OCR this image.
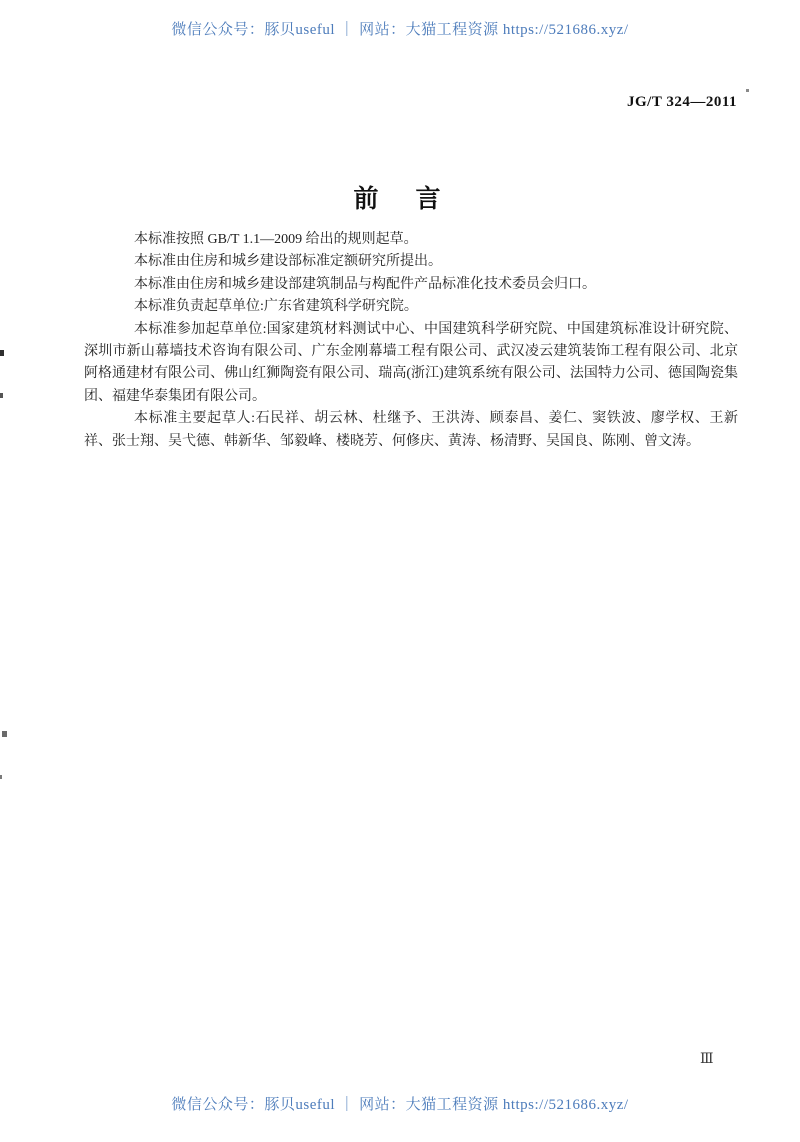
微信公众号：豚贝useful ｜ 网站：大猫工程资源 https://521686.xyz/
JG/T 324—2011
前　言

本标准按照 GB/T 1.1—2009 给出的规则起草。

本标准由住房和城乡建设部标准定额研究所提出。

本标准由住房和城乡建设部建筑制品与构配件产品标准化技术委员会归口。

本标准负责起草单位:广东省建筑科学研究院。

本标准参加起草单位:国家建筑材料测试中心、中国建筑科学研究院、中国建筑标准设计研究院、深圳市新山幕墙技术咨询有限公司、广东金刚幕墙工程有限公司、武汉凌云建筑装饰工程有限公司、北京阿格通建材有限公司、佛山红狮陶瓷有限公司、瑞高(浙江)建筑系统有限公司、法国特力公司、德国陶瓷集团、福建华泰集团有限公司。

本标准主要起草人:石民祥、胡云林、杜继予、王洪涛、顾泰昌、姜仁、窦铁波、廖学权、王新祥、张士翔、吴弋德、韩新华、邹毅峰、楼晓芳、何修庆、黄涛、杨清野、吴国良、陈刚、曾文涛。

Ⅲ
微信公众号：豚贝useful ｜ 网站：大猫工程资源 https://521686.xyz/
